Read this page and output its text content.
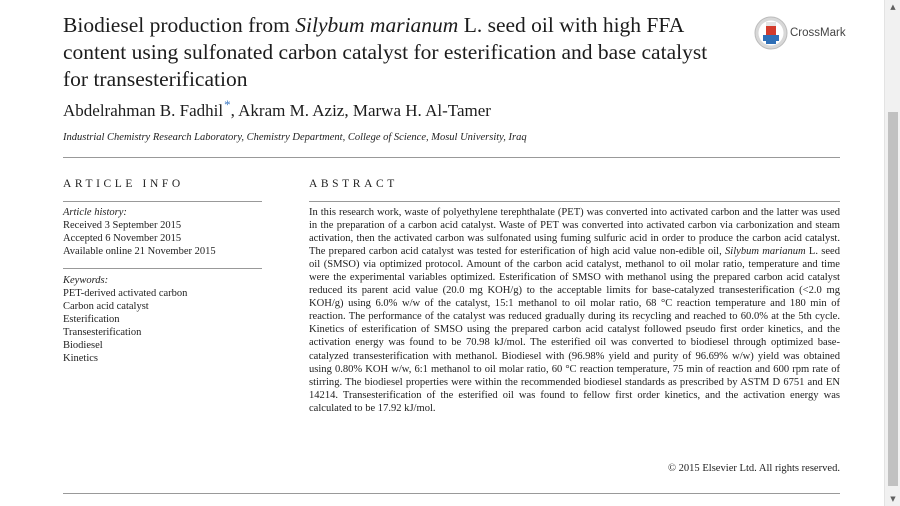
Biodiesel production from Silybum marianum L. seed oil with high FFA content using sulfonated carbon catalyst for esterification and base catalyst for transesterification
CrossMark
Abdelrahman B. Fadhil*, Akram M. Aziz, Marwa H. Al-Tamer
Industrial Chemistry Research Laboratory, Chemistry Department, College of Science, Mosul University, Iraq
ARTICLE INFO	ABSTRACT
Article history:
Received 3 September 2015
Accepted 6 November 2015
Available online 21 November 2015
Keywords:
PET-derived activated carbon
Carbon acid catalyst
Esterification
Transesterification
Biodiesel
Kinetics
In this research work, waste of polyethylene terephthalate (PET) was converted into activated carbon and the latter was used in the preparation of a carbon acid catalyst. Waste of PET was converted into activated carbon via carbonization and steam activation, then the activated carbon was sulfonated using fuming sulfuric acid in order to produce the carbon acid catalyst. The prepared carbon acid catalyst was tested for esterification of high acid value non-edible oil, Silybum marianum L. seed oil (SMSO) via optimized protocol. Amount of the carbon acid catalyst, methanol to oil molar ratio, temperature and time were the experimental variables optimized. Esterification of SMSO with methanol using the prepared carbon acid catalyst reduced its parent acid value (20.0 mg KOH/g) to the acceptable limits for base-catalyzed transesterification (<2.0 mg KOH/g) using 6.0% w/w of the catalyst, 15:1 methanol to oil molar ratio, 68 °C reaction temperature and 180 min of reaction. The performance of the catalyst was reduced gradually during its recycling and reached to 60.0% at the 5th cycle. Kinetics of esterification of SMSO using the prepared carbon acid catalyst followed pseudo first order kinetics, and the activation energy was found to be 70.98 kJ/mol. The esterified oil was converted to biodiesel through optimized base-catalyzed transesterification with methanol. Biodiesel with (96.98% yield and purity of 96.69% w/w) yield was obtained using 0.80% KOH w/w, 6:1 methanol to oil molar ratio, 60 °C reaction temperature, 75 min of reaction and 600 rpm rate of stirring. The biodiesel properties were within the recommended biodiesel standards as prescribed by ASTM D 6751 and EN 14214. Transesterification of the esterified oil was found to fellow first order kinetics, and the activation energy was calculated to be 17.92 kJ/mol.
© 2015 Elsevier Ltd. All rights reserved.
▲
▼
